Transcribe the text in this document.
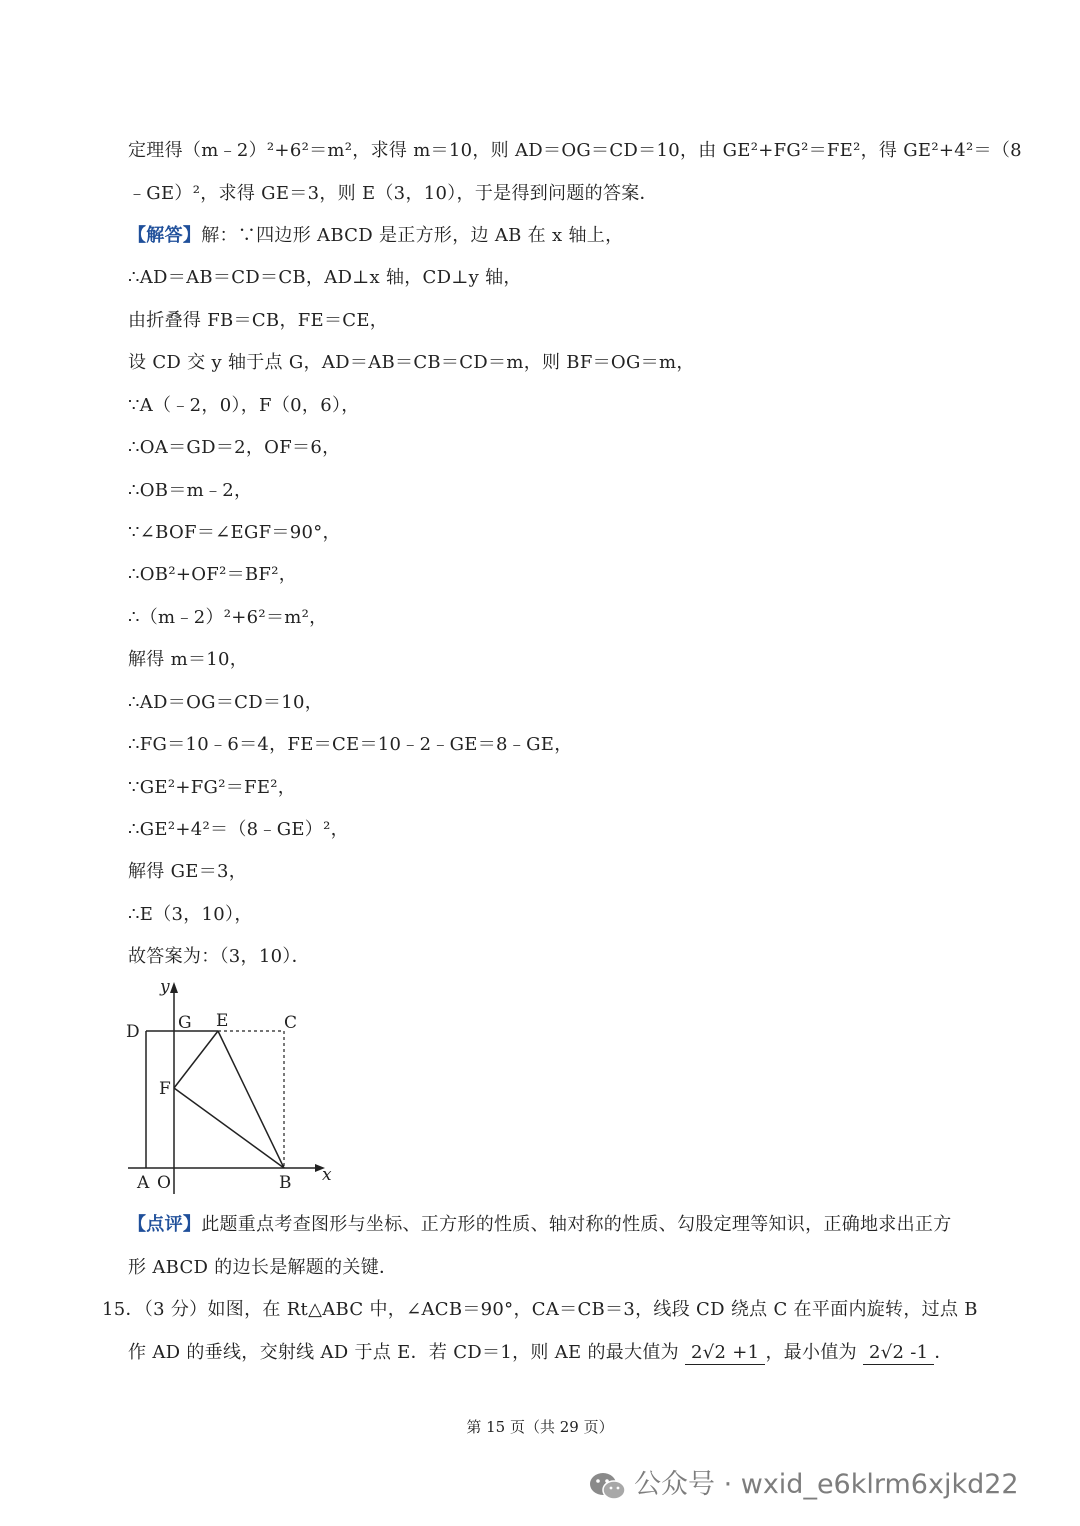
定理得（m﹣2）²+6²＝m²，求得 m＝10，则 AD＝OG＝CD＝10，由 GE²+FG²＝FE²，得 GE²+4²＝（8
﹣GE）²，求得 GE＝3，则 E（3，10），于是得到问题的答案．
【解答】解：∵四边形 ABCD 是正方形，边 AB 在 x 轴上，
∴AD＝AB＝CD＝CB，AD⊥x 轴，CD⊥y 轴，
由折叠得 FB＝CB，FE＝CE，
设 CD 交 y 轴于点 G，AD＝AB＝CB＝CD＝m，则 BF＝OG＝m，
∵A（﹣2，0），F（0，6），
∴OA＝GD＝2，OF＝6，
∴OB＝m﹣2，
∵∠BOF＝∠EGF＝90°，
∴OB²+OF²＝BF²，
∴（m﹣2）²+6²＝m²，
解得 m＝10，
∴AD＝OG＝CD＝10，
∴FG＝10﹣6＝4，FE＝CE＝10﹣2﹣GE＝8﹣GE，
∵GE²+FG²＝FE²，
∴GE²+4²＝（8﹣GE）²，
解得 GE＝3，
∴E（3，10），
故答案为：（3，10）．
y
x
D G E	C
F
A O	B
【点评】此题重点考查图形与坐标、正方形的性质、轴对称的性质、勾股定理等知识，正确地求出正方
形 ABCD 的边长是解题的关键．
15．（3 分）如图，在 Rt△ABC 中，∠ACB＝90°，CA＝CB＝3，线段 CD 绕点 C 在平面内旋转，过点 B
作 AD 的垂线，交射线 AD 于点 E．若 CD＝1，则 AE 的最大值为 2√2 +1 ，最小值为 2√2 -1 ．
第 15 页（共 29 页）
公众号 · wxid_e6klrm6xjkd22
